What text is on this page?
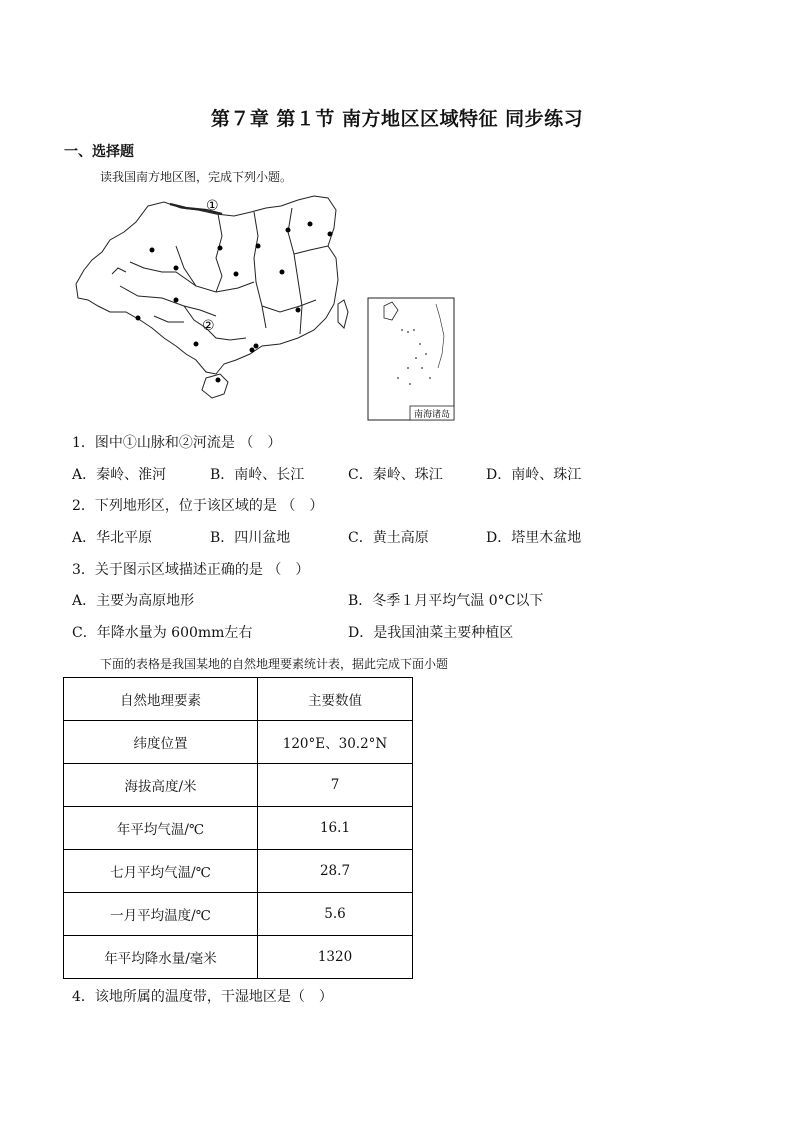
第７章 第１节 南方地区区域特征 同步练习
一、选择题
读我国南方地区图，完成下列小题。
南海诸岛
①
②
1．图中①山脉和②河流是 （　）
A．秦岭、淮河	B．南岭、长江	C．秦岭、珠江	D．南岭、珠江
2．下列地形区，位于该区域的是 （　）
A．华北平原	B．四川盆地	C．黄土高原	D．塔里木盆地
3．关于图示区域描述正确的是 （　）
A．主要为高原地形	B．冬季１月平均气温 0°C以下
C．年降水量为 600mm左右	D．是我国油菜主要种植区
下面的表格是我国某地的自然地理要素统计表，据此完成下面小题
自然地理要素	主要数值
纬度位置	120°E、30.2°N
海拔高度/米	7
年平均气温/℃	16.1
七月平均气温/℃	28.7
一月平均温度/℃	5.6
年平均降水量/毫米	1320
4．该地所属的温度带，干湿地区是（　）
